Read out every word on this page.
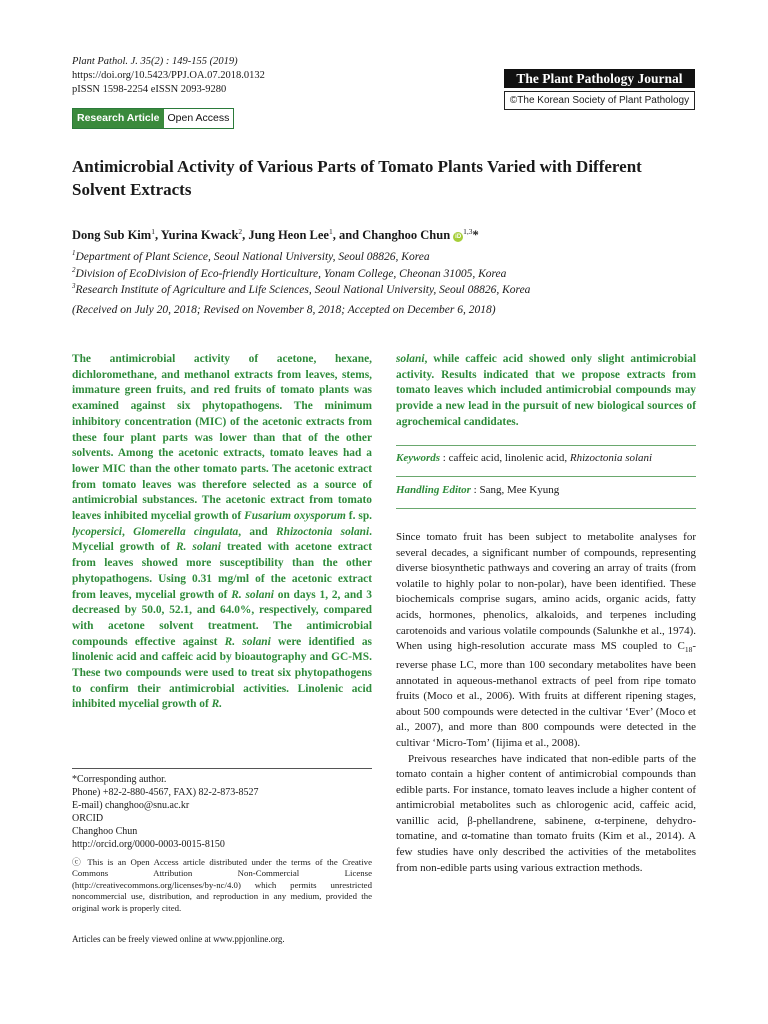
Plant Pathol. J. 35(2) : 149-155 (2019)
https://doi.org/10.5423/PPJ.OA.07.2018.0132
pISSN 1598-2254 eISSN 2093-9280
The Plant Pathology Journal
©The Korean Society of Plant Pathology
Research Article Open Access
Antimicrobial Activity of Various Parts of Tomato Plants Varied with Different Solvent Extracts
Dong Sub Kim$^1$, Yurina Kwack$^2$, Jung Heon Lee$^1$, and Changhoo Chun iD$^{1,3}$*
$^1$Department of Plant Science, Seoul National University, Seoul 08826, Korea
$^2$Division of EcoDivision of Eco-friendly Horticulture, Yonam College, Cheonan 31005, Korea
$^3$Research Institute of Agriculture and Life Sciences, Seoul National University, Seoul 08826, Korea
(Received on July 20, 2018; Revised on November 8, 2018; Accepted on December 6, 2018)
The antimicrobial activity of acetone, hexane, dichloromethane, and methanol extracts from leaves, stems, immature green fruits, and red fruits of tomato plants was examined against six phytopathogens. The minimum inhibitory concentration (MIC) of the acetonic extracts from these four plant parts was lower than that of the other solvents. Among the acetonic extracts, tomato leaves had a lower MIC than the other tomato parts. The acetonic extract from tomato leaves was therefore selected as a source of antimicrobial substances. The acetonic extract from tomato leaves inhibited mycelial growth of Fusarium oxysporum f. sp. lycopersici, Glomerella cingulata, and Rhizoctonia solani. Mycelial growth of R. solani treated with acetone extract from leaves showed more susceptibility than the other phytopathogens. Using 0.31 mg/ml of the acetonic extract from leaves, mycelial growth of R. solani on days 1, 2, and 3 decreased by 50.0, 52.1, and 64.0%, respectively, compared with acetone solvent treatment. The antimicrobial compounds effective against R. solani were identified as linolenic acid and caffeic acid by bioautography and GC-MS. These two compounds were used to treat six phytopathogens to confirm their antimicrobial activities. Linolenic acid inhibited mycelial growth of R.
solani, while caffeic acid showed only slight antimicrobial activity. Results indicated that we propose extracts from tomato leaves which included antimicrobial compounds may provide a new lead in the pursuit of new biological sources of agrochemical candidates.
Keywords : caffeic acid, linolenic acid, Rhizoctonia solani
Handling Editor : Sang, Mee Kyung
*Corresponding author.
Phone) +82-2-880-4567, FAX) 82-2-873-8527
E-mail) changhoo@snu.ac.kr
ORCID
Changhoo Chun
http://orcid.org/0000-0003-0015-8150
ⓒ This is an Open Access article distributed under the terms of the Creative Commons Attribution Non-Commercial License (http://creativecommons.org/licenses/by-nc/4.0) which permits unrestricted noncommercial use, distribution, and reproduction in any medium, provided the original work is properly cited.
Articles can be freely viewed online at www.ppjonline.org.

Since tomato fruit has been subject to metabolite analyses for several decades, a significant number of compounds, representing diverse biosynthetic pathways and covering an array of traits (from volatile to highly polar to non-polar), have been identified. These biochemicals comprise sugars, amino acids, organic acids, fatty acids, hormones, phenolics, alkaloids, and terpenes including carotenoids and various volatile compounds (Salunkhe et al., 1974). When using high-resolution accurate mass MS coupled to $C_{18}$-reverse phase LC, more than 100 secondary metabolites have been annotated in aqueous-methanol extracts of peel from ripe tomato fruits (Moco et al., 2006). With fruits at different ripening stages, about 500 compounds were detected in the cultivar ‘Ever’ (Moco et al., 2007), and more than 800 compounds were detected in the cultivar ‘Micro-Tom’ (Iijima et al., 2008).

Preivous researches have indicated that non-edible parts of the tomato contain a higher content of antimicrobial compounds than edible parts. For instance, tomato leaves include a higher content of antimicrobial metabolites such as chlorogenic acid, caffeic acid, vanillic acid, β-phellandrene, sabinene, α-terpinene, dehydro-tomatine, and α-tomatine than tomato fruits (Kim et al., 2014). A few studies have only described the activities of the metabolites from non-edible parts using various extraction methods.
